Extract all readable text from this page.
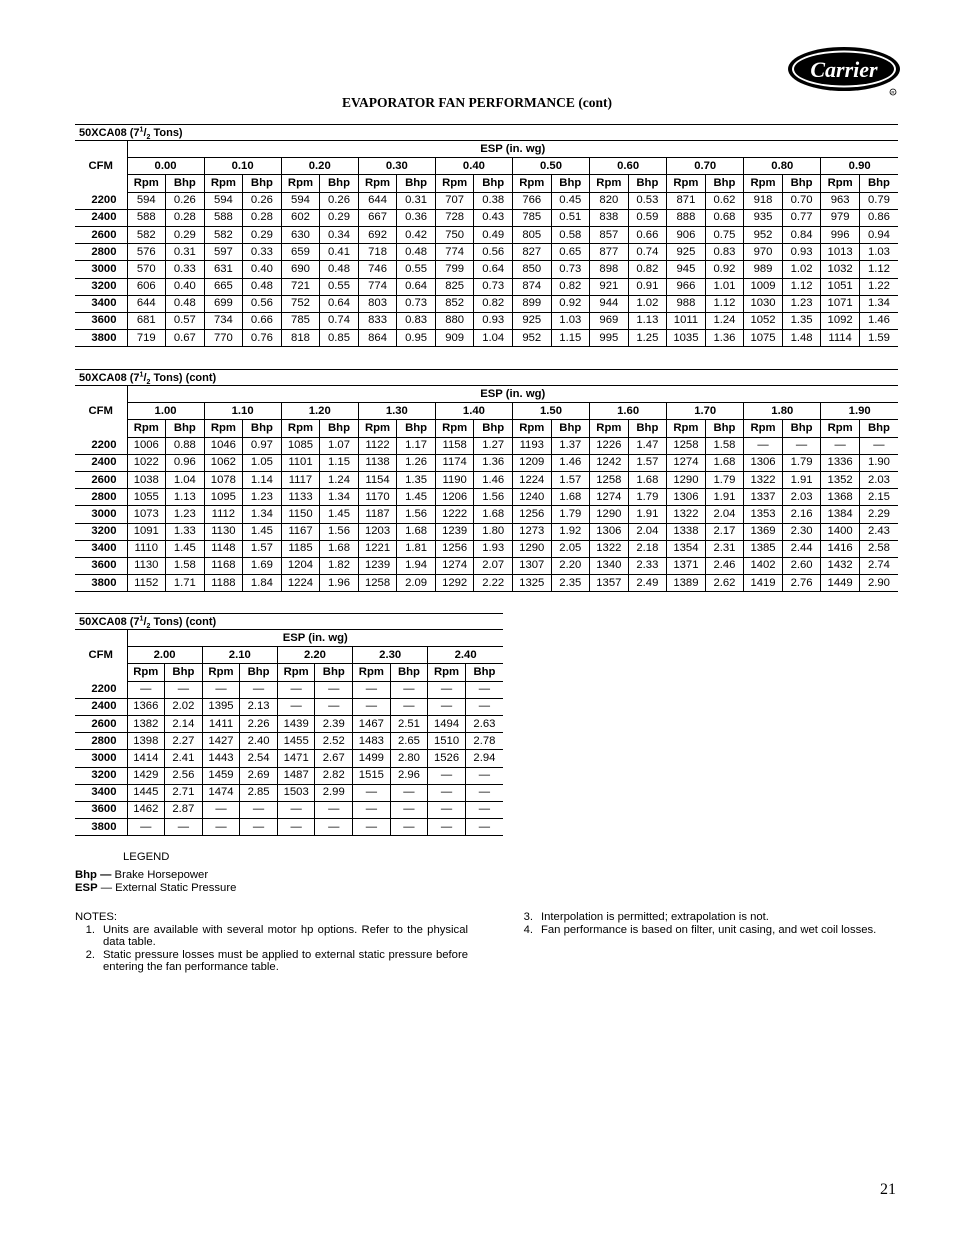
Carrier
R
EVAPORATOR FAN PERFORMANCE (cont)
50XCA08 ($7^1/_2$ Tons)
CFM	ESP (in. wg)																			
	0.00		0.10		0.20		0.30		0.40		0.50		0.60		0.70		0.80		0.90	
	Rpm	Bhp	Rpm	Bhp	Rpm	Bhp	Rpm	Bhp	Rpm	Bhp	Rpm	Bhp	Rpm	Bhp	Rpm	Bhp	Rpm	Bhp	Rpm	Bhp
2200	594	0.26	594	0.26	594	0.26	644	0.31	707	0.38	766	0.45	820	0.53	871	0.62	918	0.70	963	0.79
2400	588	0.28	588	0.28	602	0.29	667	0.36	728	0.43	785	0.51	838	0.59	888	0.68	935	0.77	979	0.86
2600	582	0.29	582	0.29	630	0.34	692	0.42	750	0.49	805	0.58	857	0.66	906	0.75	952	0.84	996	0.94
2800	576	0.31	597	0.33	659	0.41	718	0.48	774	0.56	827	0.65	877	0.74	925	0.83	970	0.93	1013	1.03
3000	570	0.33	631	0.40	690	0.48	746	0.55	799	0.64	850	0.73	898	0.82	945	0.92	989	1.02	1032	1.12
3200	606	0.40	665	0.48	721	0.55	774	0.64	825	0.73	874	0.82	921	0.91	966	1.01	1009	1.12	1051	1.22
3400	644	0.48	699	0.56	752	0.64	803	0.73	852	0.82	899	0.92	944	1.02	988	1.12	1030	1.23	1071	1.34
3600	681	0.57	734	0.66	785	0.74	833	0.83	880	0.93	925	1.03	969	1.13	1011	1.24	1052	1.35	1092	1.46
3800	719	0.67	770	0.76	818	0.85	864	0.95	909	1.04	952	1.15	995	1.25	1035	1.36	1075	1.48	1114	1.59
50XCA08 ($7^1/_2$ Tons) (cont)
CFM	ESP (in. wg)																			
	1.00		1.10		1.20		1.30		1.40		1.50		1.60		1.70		1.80		1.90	
	Rpm	Bhp	Rpm	Bhp	Rpm	Bhp	Rpm	Bhp	Rpm	Bhp	Rpm	Bhp	Rpm	Bhp	Rpm	Bhp	Rpm	Bhp	Rpm	Bhp
2200	1006	0.88	1046	0.97	1085	1.07	1122	1.17	1158	1.27	1193	1.37	1226	1.47	1258	1.58	—	—	—	—
2400	1022	0.96	1062	1.05	1101	1.15	1138	1.26	1174	1.36	1209	1.46	1242	1.57	1274	1.68	1306	1.79	1336	1.90
2600	1038	1.04	1078	1.14	1117	1.24	1154	1.35	1190	1.46	1224	1.57	1258	1.68	1290	1.79	1322	1.91	1352	2.03
2800	1055	1.13	1095	1.23	1133	1.34	1170	1.45	1206	1.56	1240	1.68	1274	1.79	1306	1.91	1337	2.03	1368	2.15
3000	1073	1.23	1112	1.34	1150	1.45	1187	1.56	1222	1.68	1256	1.79	1290	1.91	1322	2.04	1353	2.16	1384	2.29
3200	1091	1.33	1130	1.45	1167	1.56	1203	1.68	1239	1.80	1273	1.92	1306	2.04	1338	2.17	1369	2.30	1400	2.43
3400	1110	1.45	1148	1.57	1185	1.68	1221	1.81	1256	1.93	1290	2.05	1322	2.18	1354	2.31	1385	2.44	1416	2.58
3600	1130	1.58	1168	1.69	1204	1.82	1239	1.94	1274	2.07	1307	2.20	1340	2.33	1371	2.46	1402	2.60	1432	2.74
3800	1152	1.71	1188	1.84	1224	1.96	1258	2.09	1292	2.22	1325	2.35	1357	2.49	1389	2.62	1419	2.76	1449	2.90
50XCA08 ($7^1/_2$ Tons) (cont)
CFM	ESP (in. wg)									
	2.00		2.10		2.20		2.30		2.40	
	Rpm	Bhp	Rpm	Bhp	Rpm	Bhp	Rpm	Bhp	Rpm	Bhp
2200	—	—	—	—	—	—	—	—	—	—
2400	1366	2.02	1395	2.13	—	—	—	—	—	—
2600	1382	2.14	1411	2.26	1439	2.39	1467	2.51	1494	2.63
2800	1398	2.27	1427	2.40	1455	2.52	1483	2.65	1510	2.78
3000	1414	2.41	1443	2.54	1471	2.67	1499	2.80	1526	2.94
3200	1429	2.56	1459	2.69	1487	2.82	1515	2.96	—	—
3400	1445	2.71	1474	2.85	1503	2.99	—	—	—	—
3600	1462	2.87	—	—	—	—	—	—	—	—
3800	—	—	—	—	—	—	—	—	—	—
LEGEND
Bhp — Brake Horsepower
ESP — External Static Pressure
NOTES:
1. Units are available with several motor hp options. Refer to the physical data table.
2. Static pressure losses must be applied to external static pressure before entering the fan performance table.
3. Interpolation is permitted; extrapolation is not.
4. Fan performance is based on filter, unit casing, and wet coil losses.
21
